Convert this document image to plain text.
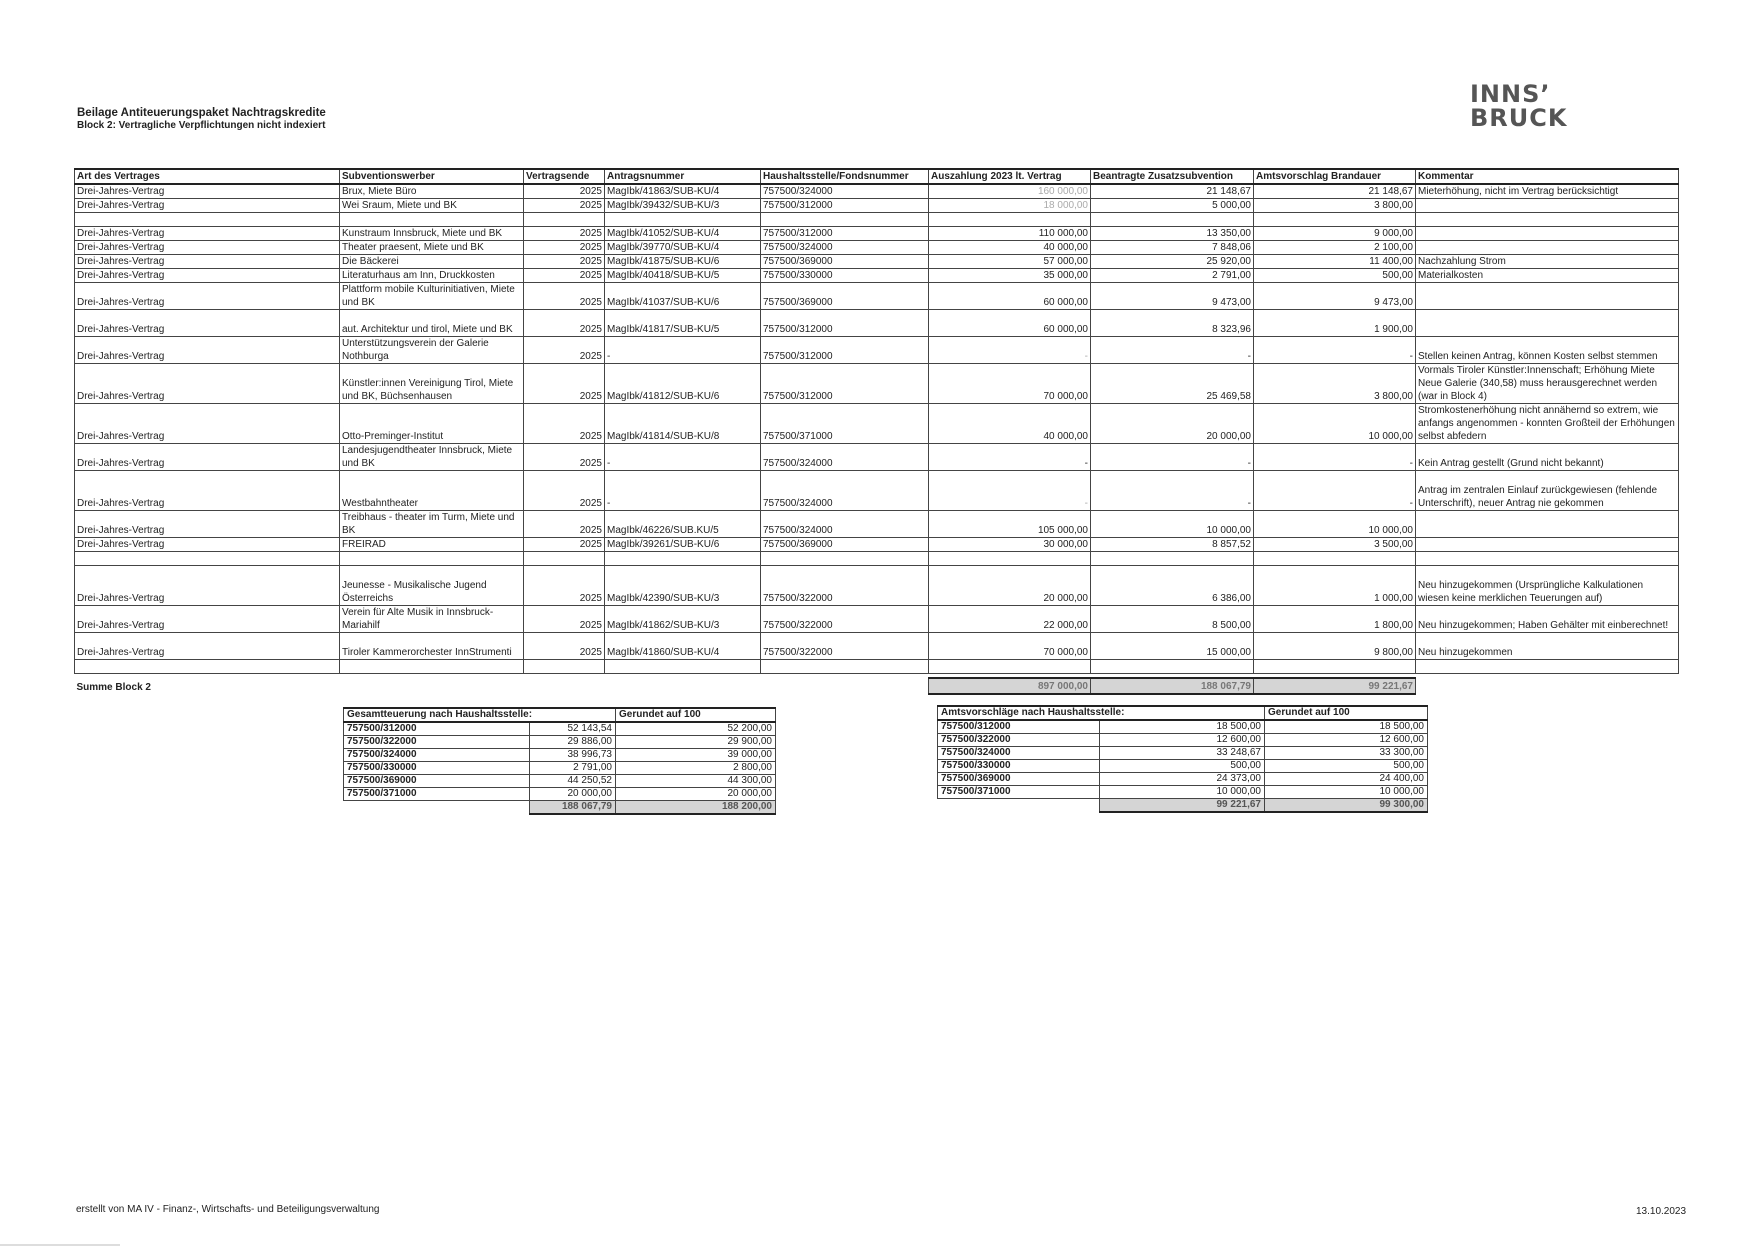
Beilage Antiteuerungspaket Nachtragskredite
Block 2: Vertragliche Verpflichtungen nicht indexiert
INNS’
BRUCK
Art des Vertrages	Subventionswerber	Vertragsende	Antragsnummer	Haushaltsstelle/Fondsnummer	Auszahlung 2023 lt. Vertrag	Beantragte Zusatzsubvention	Amtsvorschlag Brandauer	Kommentar
Drei-Jahres-Vertrag	Brux, Miete Büro	2025	MagIbk/41863/SUB-KU/4	757500/324000	160 000,00	21 148,67	21 148,67	Mieterhöhung, nicht im Vertrag berücksichtigt
Drei-Jahres-Vertrag	Wei Sraum, Miete und BK	2025	MagIbk/39432/SUB-KU/3	757500/312000	18 000,00	5 000,00	3 800,00	

Drei-Jahres-Vertrag	Kunstraum Innsbruck, Miete und BK	2025	MagIbk/41052/SUB-KU/4	757500/312000	110 000,00	13 350,00	9 000,00	
Drei-Jahres-Vertrag	Theater praesent, Miete und BK	2025	MagIbk/39770/SUB-KU/4	757500/324000	40 000,00	7 848,06	2 100,00	
Drei-Jahres-Vertrag	Die Bäckerei	2025	MagIbk/41875/SUB-KU/6	757500/369000	57 000,00	25 920,00	11 400,00	Nachzahlung Strom
Drei-Jahres-Vertrag	Literaturhaus am Inn, Druckkosten	2025	MagIbk/40418/SUB-KU/5	757500/330000	35 000,00	2 791,00	500,00	Materialkosten
Drei-Jahres-Vertrag	Plattform mobile Kulturinitiativen, Miete und BK	2025	MagIbk/41037/SUB-KU/6	757500/369000	60 000,00	9 473,00	9 473,00	
Drei-Jahres-Vertrag	aut. Architektur und tirol, Miete und BK	2025	MagIbk/41817/SUB-KU/5	757500/312000	60 000,00	8 323,96	1 900,00	
Drei-Jahres-Vertrag	Unterstützungsverein der Galerie Nothburga	2025	-	757500/312000	-	-	-	Stellen keinen Antrag, können Kosten selbst stemmen
Drei-Jahres-Vertrag	Künstler:innen Vereinigung Tirol, Miete und BK, Büchsenhausen	2025	MagIbk/41812/SUB-KU/6	757500/312000	70 000,00	25 469,58	3 800,00	Vormals Tiroler Künstler:Innenschaft; Erhöhung Miete Neue Galerie (340,58) muss herausgerechnet werden (war in Block 4)
Drei-Jahres-Vertrag	Otto-Preminger-Institut	2025	MagIbk/41814/SUB-KU/8	757500/371000	40 000,00	20 000,00	10 000,00	Stromkostenerhöhung nicht annähernd so extrem, wie anfangs angenommen - konnten Großteil der Erhöhungen selbst abfedern
Drei-Jahres-Vertrag	Landesjugendtheater Innsbruck, Miete und BK	2025	-	757500/324000	-	-	-	Kein Antrag gestellt (Grund nicht bekannt)
Drei-Jahres-Vertrag	Westbahntheater	2025	-	757500/324000	-	-	-	Antrag im zentralen Einlauf zurückgewiesen (fehlende Unterschrift), neuer Antrag nie gekommen
Drei-Jahres-Vertrag	Treibhaus - theater im Turm, Miete und BK	2025	MagIbk/46226/SUB.KU/5	757500/324000	105 000,00	10 000,00	10 000,00	
Drei-Jahres-Vertrag	FREIRAD	2025	MagIbk/39261/SUB-KU/6	757500/369000	30 000,00	8 857,52	3 500,00	

Drei-Jahres-Vertrag	Jeunesse - Musikalische Jugend Österreichs	2025	MagIbk/42390/SUB-KU/3	757500/322000	20 000,00	6 386,00	1 000,00	Neu hinzugekommen (Ursprüngliche Kalkulationen wiesen keine merklichen Teuerungen auf)
Drei-Jahres-Vertrag	Verein für Alte Musik in Innsbruck-Mariahilf	2025	MagIbk/41862/SUB-KU/3	757500/322000	22 000,00	8 500,00	1 800,00	Neu hinzugekommen; Haben Gehälter mit einberechnet!
Drei-Jahres-Vertrag	Tiroler Kammerorchester InnStrumenti	2025	MagIbk/41860/SUB-KU/4	757500/322000	70 000,00	15 000,00	9 800,00	Neu hinzugekommen

Summe Block 2					897 000,00	188 067,79	99 221,67	
Gesamtteuerung nach Haushaltsstelle:		Gerundet auf 100
757500/312000	52 143,54	52 200,00
757500/322000	29 886,00	29 900,00
757500/324000	38 996,73	39 000,00
757500/330000	2 791,00	2 800,00
757500/369000	44 250,52	44 300,00
757500/371000	20 000,00	20 000,00
	188 067,79	188 200,00
Amtsvorschläge nach Haushaltsstelle:		Gerundet auf 100
757500/312000	18 500,00	18 500,00
757500/322000	12 600,00	12 600,00
757500/324000	33 248,67	33 300,00
757500/330000	500,00	500,00
757500/369000	24 373,00	24 400,00
757500/371000	10 000,00	10 000,00
	99 221,67	99 300,00
erstellt von MA IV - Finanz-, Wirtschafts- und Beteiligungsverwaltung	13.10.2023
